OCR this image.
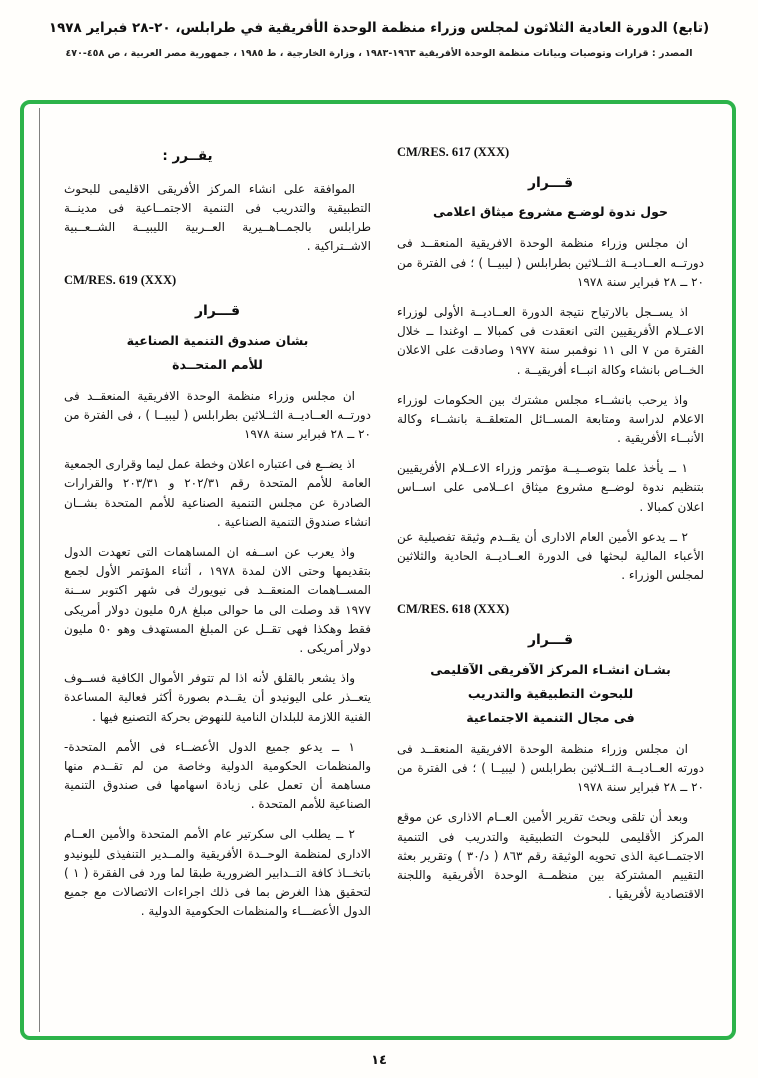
(تابع) الدورة العادية الثلاثون لمجلس وزراء منظمة الوحدة الأفريقية في طرابلس، ٢٠-٢٨ فبراير ١٩٧٨
المصدر : قرارات وتوصيات وبيانات منظمة الوحدة الأفريقية ١٩٦٣-١٩٨٣ ، وزارة الخارجية ، ط ١٩٨٥ ، جمهورية مصر العربية ، ص ٤٥٨-٤٧٠
CM/RES. 617 (XXX)
قـــرار
حول ندوة لوضـع مشروع ميثاق اعلامى

ان مجلس وزراء منظمة الوحدة الافريقية المنعقــد فى دورتــه العــاديــة الثــلاثين بطرابلس ( ليبيــا ) ؛ فى الفترة من ٢٠ ــ ٢٨ فبراير سنة ١٩٧٨

اذ يســجل بالارتياح نتيجة الدورة العــاديــة الأولى لوزراء الاعــلام الأفريقيين التى انعقدت فى كمبالا ــ اوغندا ــ خلال الفترة من ٧ الى ١١ نوفمبر سنة ١٩٧٧ وصادقت على الاعلان الخــاص بانشاء وكالة انبــاء أفريقيــة .

واذ يرحب بانشــاء مجلس مشترك بين الحكومات لوزراء الاعلام لدراسة ومتابعة المســائل المتعلقــة بانشــاء وكالة الأنبــاء الأفريقية .

١ ــ يأخذ علما بتوصــيــة مؤتمر وزراء الاعــلام الأفريقيين بتنظيم ندوة لوضــع مشروع ميثاق اعــلامى على اســاس اعلان كمبالا .

٢ ــ يدعو الأمين العام الادارى أن يقــدم وثيقة تفصيلية عن الأعباء المالية لبحثها فى الدورة العــاديــة الحادية والثلاثين لمجلس الوزراء .

CM/RES. 618 (XXX)
قـــرار
بشـان انشـاء المركز الآفريقى الآقليمى
للبحوث التطبيقية والتدريب
فى مجال التنمية الاجتماعية

ان مجلس وزراء منظمة الوحدة الافريقية المنعقــد فى دورته العــاديــة الثــلاثين بطرابلس ( ليبيــا ) ؛ فى الفترة من ٢٠ ــ ٢٨ فبراير سنة ١٩٧٨

وبعد أن تلقى وبحث تقرير الأمين العــام الاذارى عن موقع المركز الأقليمى للبحوث التطبيقية والتدريب فى التنمية الاجتمــاعية الذى تحويه الوثيقة رقم ٨٦٣ ( د/٣٠ ) وتقرير بعثة التقييم المشتركة بين منظمــة الوحدة الأفريقية واللجنة الاقتصادية لأفريقيا .

يقــرر :

الموافقة على انشاء المركز الأفريقى الاقليمى للبحوث التطبيقية والتدريب فى التنمية الاجتمــاعية فى مدينــة طرابلس بالجمــاهــيرية العــربية الليبيــة الشــعــبية الاشــتراكية .

CM/RES. 619 (XXX)
قـــرار
بشان صندوق التنمية الصناعية
للأمم المتحــدة

ان مجلس وزراء منظمة الوحدة الافريقية المنعقــد فى دورتــه العــاديــة الثــلاثين بطرابلس ( ليبيــا ) ، فى الفترة من ٢٠ ــ ٢٨ فبراير سنة ١٩٧٨

اذ يضــع فى اعتباره اعلان وخطة عمل ليما وقرارى الجمعية العامة للأمم المتحدة رقم ٢٠٢/٣١ و ٢٠٣/٣١ والقرارات الصادرة عن مجلس التنمية الصناعية للأمم المتحدة بشــان انشاء صندوق التنمية الصناعية .

واذ يعرب عن اســفه ان المساهمات التى تعهدت الدول بتقديمها وحتى الان لمدة ١٩٧٨ ، أثناء المؤتمر الأول لجمع المســاهمات المنعقــد فى نيويورك فى شهر اكتوبر ســنة ١٩٧٧ قد وصلت الى ما حوالى مبلغ ٨ر٥ مليون دولار أمريكى فقط وهكذا فهى تقــل عن المبلغ المستهدف وهو ٥٠ مليون دولار أمريكى .

واذ يشعر بالقلق لأنه اذا لم تتوفر الأموال الكافية فســوف يتعــذر على اليونيدو أن يقــدم بصورة أكثر فعالية المساعدة الفنية اللازمة للبلدان النامية للنهوض بحركة التصنيع فيها .

١ ــ يدعو جميع الدول الأعضــاء فى الأمم المتحدة- والمنظمات الحكومية الدولية وخاصة من لم تقــدم منها مساهمة أن تعمل على زيادة اسهامها فى صندوق التنمية الصناعية للأمم المتحدة .

٢ ــ يطلب الى سكرتير عام الأمم المتحدة والأمين العــام الادارى لمنظمة الوحــدة الأفريقية والمــدير التنفيذى لليونيدو باتخــاذ كافة التــدابير الضرورية طبقا لما ورد فى الفقرة ( ١ ) لتحقيق هذا الغرض بما فى ذلك اجراءات الاتصالات مع جميع الدول الأعضـــاء والمنظمات الحكومية الدولية .

١٤
